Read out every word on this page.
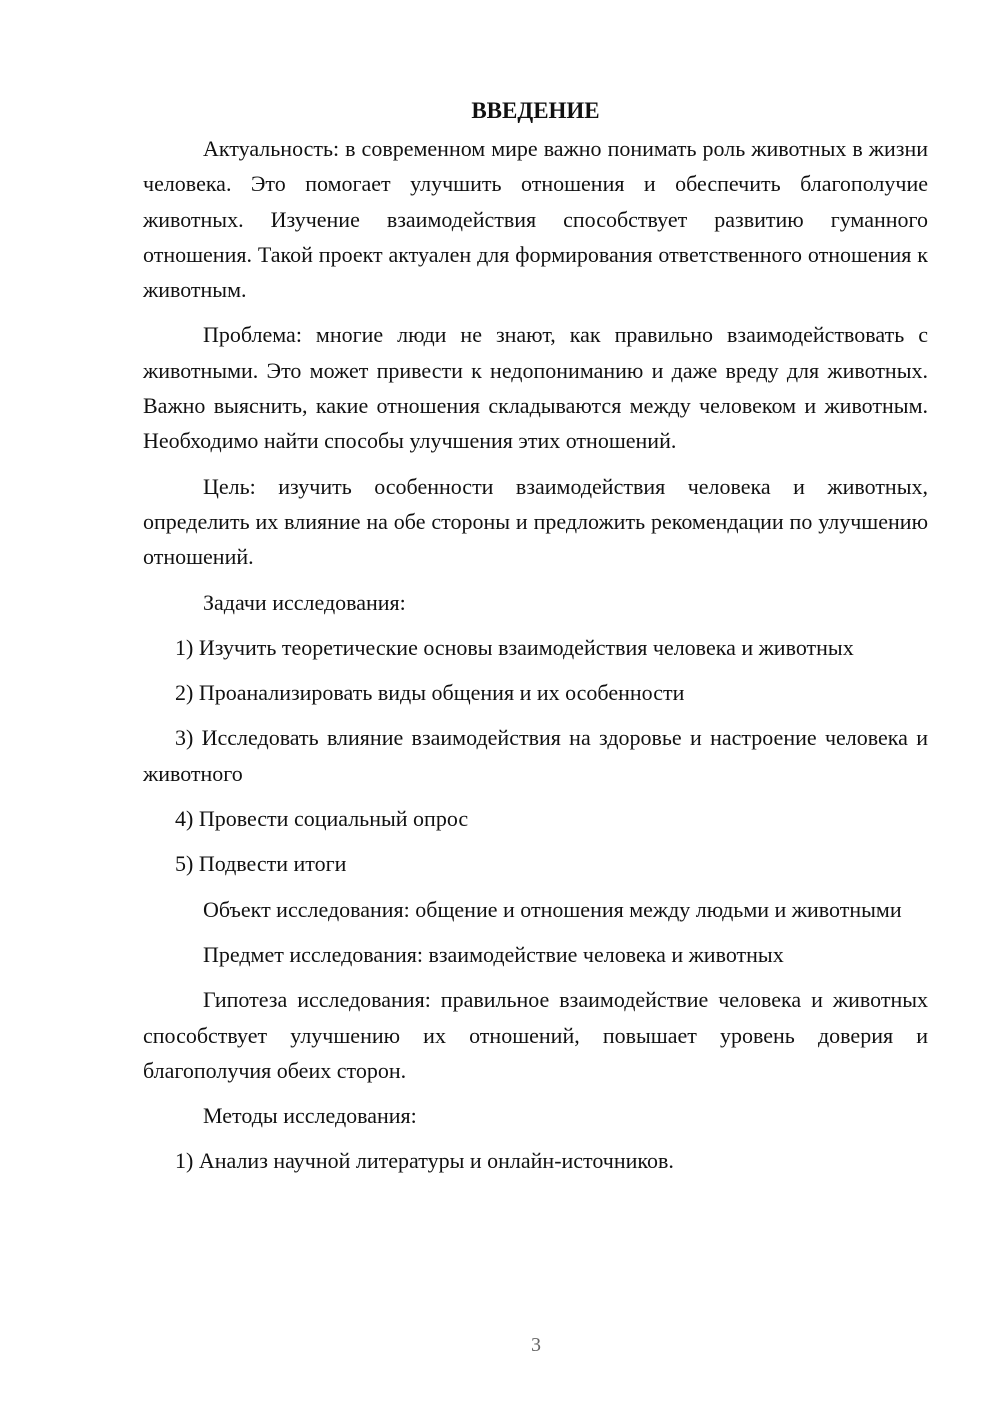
ВВЕДЕНИЕ

Актуальность: в современном мире важно понимать роль животных в жизни человека. Это помогает улучшить отношения и обеспечить благополучие животных. Изучение взаимодействия способствует развитию гуманного отношения. Такой проект актуален для формирования ответственного отношения к животным.

Проблема: многие люди не знают, как правильно взаимодействовать с животными. Это может привести к недопониманию и даже вреду для животных. Важно выяснить, какие отношения складываются между человеком и животным. Необходимо найти способы улучшения этих отношений.

Цель: изучить особенности взаимодействия человека и животных, определить их влияние на обе стороны и предложить рекомендации по улучшению отношений.

Задачи исследования:

1) Изучить теоретические основы взаимодействия человека и животных

2) Проанализировать виды общения и их особенности

3) Исследовать влияние взаимодействия на здоровье и настроение человека и животного

4) Провести социальный опрос

5) Подвести итоги

Объект исследования: общение и отношения между людьми и животными

Предмет исследования: взаимодействие человека и животных

Гипотеза исследования: правильное взаимодействие человека и животных способствует улучшению их отношений, повышает уровень доверия и благополучия обеих сторон.

Методы исследования:

1) Анализ научной литературы и онлайн-источников.

3
